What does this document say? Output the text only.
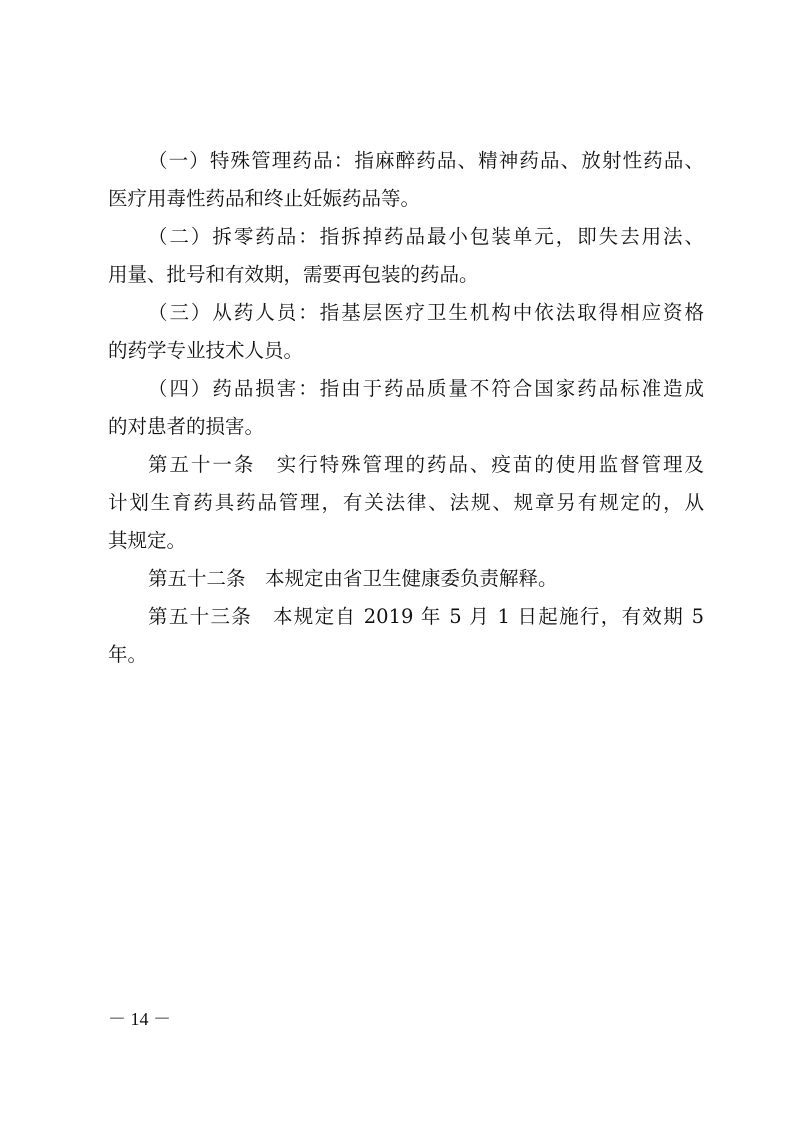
（一）特殊管理药品：指麻醉药品、精神药品、放射性药品、
医疗用毒性药品和终止妊娠药品等。

（二）拆零药品：指拆掉药品最小包装单元，即失去用法、
用量、批号和有效期，需要再包装的药品。

（三）从药人员：指基层医疗卫生机构中依法取得相应资格
的药学专业技术人员。

（四）药品损害：指由于药品质量不符合国家药品标准造成
的对患者的损害。

第五十一条　实行特殊管理的药品、疫苗的使用监督管理及
计划生育药具药品管理，有关法律、法规、规章另有规定的，从
其规定。

第五十二条　本规定由省卫生健康委负责解释。

第五十三条　本规定自 2019 年 5 月 1 日起施行，有效期 5
年。

－ 14 －
